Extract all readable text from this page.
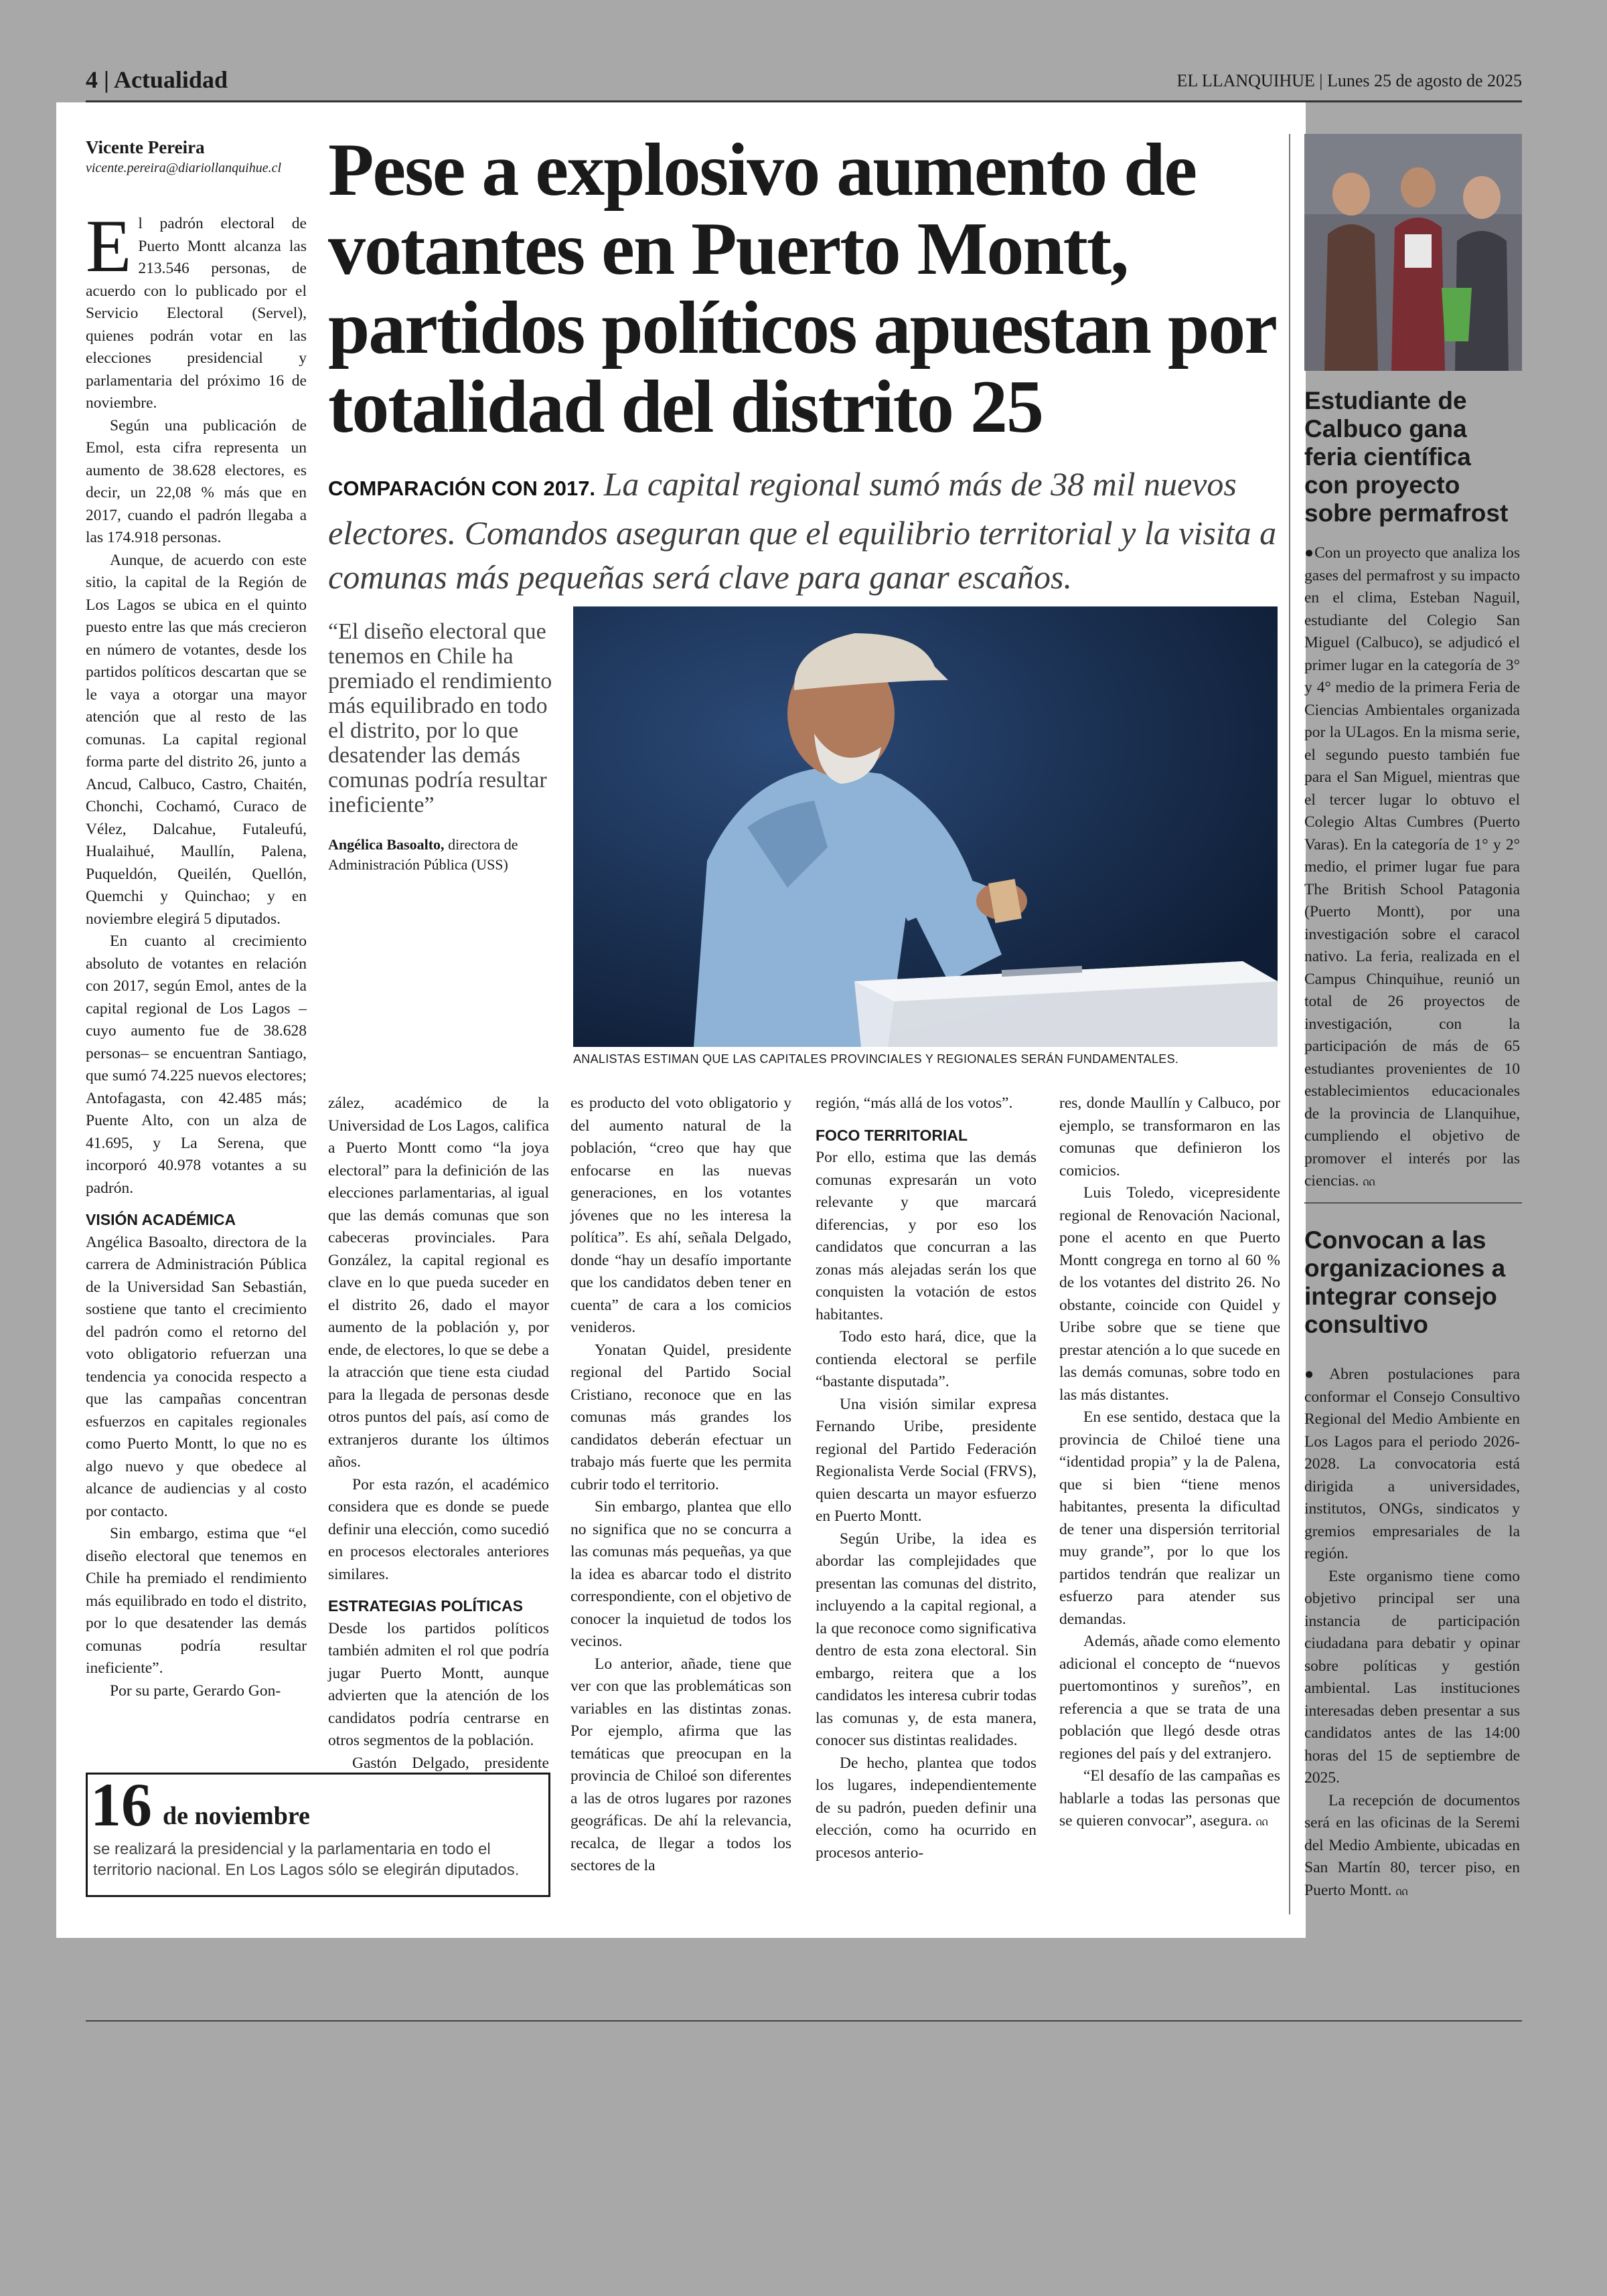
4 | Actualidad	EL LLANQUIHUE | Lunes 25 de agosto de 2025
Vicente Pereira
vicente.pereira@diariollanquihue.cl Pese a explosivo aumento de votantes en Puerto Montt, partidos políticos apuestan por totalidad del distrito 25
COMPARACIÓN CON 2017. La capital regional sumó más de 38 mil nuevos electores. Comandos aseguran que el equilibrio territorial y la visita a comunas más pequeñas será clave para ganar escaños.
E l padrón electoral de Puerto Montt alcanza las 213.546 personas, de acuerdo con lo publicado por el Servicio Electoral (Servel), quienes podrán votar en las elecciones presidencial y parlamentaria del próximo 16 de noviembre.

Según una publicación de Emol, esta cifra representa un aumento de 38.628 electores, es decir, un 22,08 % más que en 2017, cuando el padrón llegaba a las 174.918 personas.

Aunque, de acuerdo con este sitio, la capital de la Región de Los Lagos se ubica en el quinto puesto entre las que más crecieron en número de votantes, desde los partidos políticos descartan que se le vaya a otorgar una mayor atención que al resto de las comunas. La capital regional forma parte del distrito 26, junto a Ancud, Calbuco, Castro, Chaitén, Chonchi, Cochamó, Curaco de Vélez, Dalcahue, Futaleufú, Hualaihué, Maullín, Palena, Puqueldón, Queilén, Quellón, Quemchi y Quinchao; y en noviembre elegirá 5 diputados.

En cuanto al crecimiento absoluto de votantes en relación con 2017, según Emol, antes de la capital regional de Los Lagos –cuyo aumento fue de 38.628 personas– se encuentran Santiago, que sumó 74.225 nuevos electores; Antofagasta, con 42.485 más; Puente Alto, con un alza de 41.695, y La Serena, que incorporó 40.978 votantes a su padrón.

VISIÓN ACADÉMICA

Angélica Basoalto, directora de la carrera de Administración Pública de la Universidad San Sebastián, sostiene que tanto el crecimiento del padrón como el retorno del voto obligatorio refuerzan una tendencia ya conocida respecto a que las campañas concentran esfuerzos en capitales regionales como Puerto Montt, lo que no es algo nuevo y que obedece al alcance de audiencias y al costo por contacto.

Sin embargo, estima que “el diseño electoral que tenemos en Chile ha premiado el rendimiento más equilibrado en todo el distrito, por lo que desatender las demás comunas podría resultar ineficiente”.

Por su parte, Gerardo Gon-

“El diseño electoral que tenemos en Chile ha premiado el rendimiento más equilibrado en todo el distrito, por lo que desatender las demás comunas podría resultar ineficiente”

Angélica Basoalto, directora de Administración Pública (USS)
ANALISTAS ESTIMAN QUE LAS CAPITALES PROVINCIALES Y REGIONALES SERÁN FUNDAMENTALES.

zález, académico de la Universidad de Los Lagos, califica a Puerto Montt como “la joya electoral” para la definición de las elecciones parlamentarias, al igual que las demás comunas que son cabeceras provinciales. Para González, la capital regional es clave en lo que pueda suceder en el distrito 26, dado el mayor aumento de la población y, por ende, de electores, lo que se debe a la atracción que tiene esta ciudad para la llegada de personas desde otros puntos del país, así como de extranjeros durante los últimos años.

Por esta razón, el académico considera que es donde se puede definir una elección, como sucedió en procesos electorales anteriores similares.

ESTRATEGIAS POLÍTICAS

Desde los partidos políticos también admiten el rol que podría jugar Puerto Montt, aunque advierten que la atención de los candidatos podría centrarse en otros segmentos de la población.

Gastón Delgado, presidente

es producto del voto obligatorio y del aumento natural de la población, “creo que hay que enfocarse en las nuevas generaciones, en los votantes jóvenes que no les interesa la política”. Es ahí, señala Delgado, donde “hay un desafío importante que los candidatos deben tener en cuenta” de cara a los comicios venideros.

Yonatan Quidel, presidente regional del Partido Social Cristiano, reconoce que en las comunas más grandes los candidatos deberán efectuar un trabajo más fuerte que les permita cubrir todo el territorio.

Sin embargo, plantea que ello no significa que no se concurra a las comunas más pequeñas, ya que la idea es abarcar todo el distrito correspondiente, con el objetivo de conocer la inquietud de todos los vecinos.

Lo anterior, añade, tiene que ver con que las problemáticas son variables en las distintas zonas. Por ejemplo, afirma que las temáticas que preocupan en la provincia de Chiloé son diferentes a las de otros lugares por razones geográficas. De ahí la relevancia, recalca, de llegar a todos los sectores de la

región, “más allá de los votos”.

FOCO TERRITORIAL

Por ello, estima que las demás comunas expresarán un voto relevante y que marcará diferencias, y por eso los candidatos que concurran a las zonas más alejadas serán los que conquisten la votación de estos habitantes.

Todo esto hará, dice, que la contienda electoral se perfile “bastante disputada”.

Una visión similar expresa Fernando Uribe, presidente regional del Partido Federación Regionalista Verde Social (FRVS), quien descarta un mayor esfuerzo en Puerto Montt.

Según Uribe, la idea es abordar las complejidades que presentan las comunas del distrito, incluyendo a la capital regional, a la que reconoce como significativa dentro de esta zona electoral. Sin embargo, reitera que a los candidatos les interesa cubrir todas las comunas y, de esta manera, conocer sus distintas realidades.

De hecho, plantea que todos los lugares, independientemente de su padrón, pueden definir una elección, como ha ocurrido en procesos anterio-

res, donde Maullín y Calbuco, por ejemplo, se transformaron en las comunas que definieron los comicios.

Luis Toledo, vicepresidente regional de Renovación Nacional, pone el acento en que Puerto Montt congrega en torno al 60 % de los votantes del distrito 26. No obstante, coincide con Quidel y Uribe sobre que se tiene que prestar atención a lo que sucede en las demás comunas, sobre todo en las más distantes.

En ese sentido, destaca que la provincia de Chiloé tiene una “identidad propia” y la de Palena, que si bien “tiene menos habitantes, presenta la dificultad de tener una dispersión territorial muy grande”, por lo que los partidos tendrán que realizar un esfuerzo para atender sus demandas.

Además, añade como elemento adicional el concepto de “nuevos puertomontinos y sureños”, en referencia a que se trata de una población que llegó desde otras regiones del país y del extranjero.

“El desafío de las campañas es hablarle a todas las personas que se quieren convocar”, asegura. ᦶ

16 de noviembre
se realizará la presidencial y la parlamentaria en todo el territorio nacional. En Los Lagos sólo se elegirán diputados.
Estudiante de Calbuco gana feria científica con proyecto sobre permafrost

●Con un proyecto que analiza los gases del permafrost y su impacto en el clima, Esteban Naguil, estudiante del Colegio San Miguel (Calbuco), se adjudicó el primer lugar en la categoría de 3° y 4° medio de la primera Feria de Ciencias Ambientales organizada por la ULagos. En la misma serie, el segundo puesto también fue para el San Miguel, mientras que el tercer lugar lo obtuvo el Colegio Altas Cumbres (Puerto Varas). En la categoría de 1° y 2° medio, el primer lugar fue para The British School Patagonia (Puerto Montt), por una investigación sobre el caracol nativo. La feria, realizada en el Campus Chinquihue, reunió un total de 26 proyectos de investigación, con la participación de más de 65 estudiantes provenientes de 10 establecimientos educacionales de la provincia de Llanquihue, cumpliendo el objetivo de promover el interés por las ciencias. ᦶ

Convocan a las organizaciones a integrar consejo consultivo

●Abren postulaciones para conformar el Consejo Consultivo Regional del Medio Ambiente en Los Lagos para el periodo 2026-2028. La convocatoria está dirigida a universidades, institutos, ONGs, sindicatos y gremios empresariales de la región.

Este organismo tiene como objetivo principal ser una instancia de participación ciudadana para debatir y opinar sobre políticas y gestión ambiental. Las instituciones interesadas deben presentar a sus candidatos antes de las 14:00 horas del 15 de septiembre de 2025.

La recepción de documentos será en las oficinas de la Seremi del Medio Ambiente, ubicadas en San Martín 80, tercer piso, en Puerto Montt. ᦶ
